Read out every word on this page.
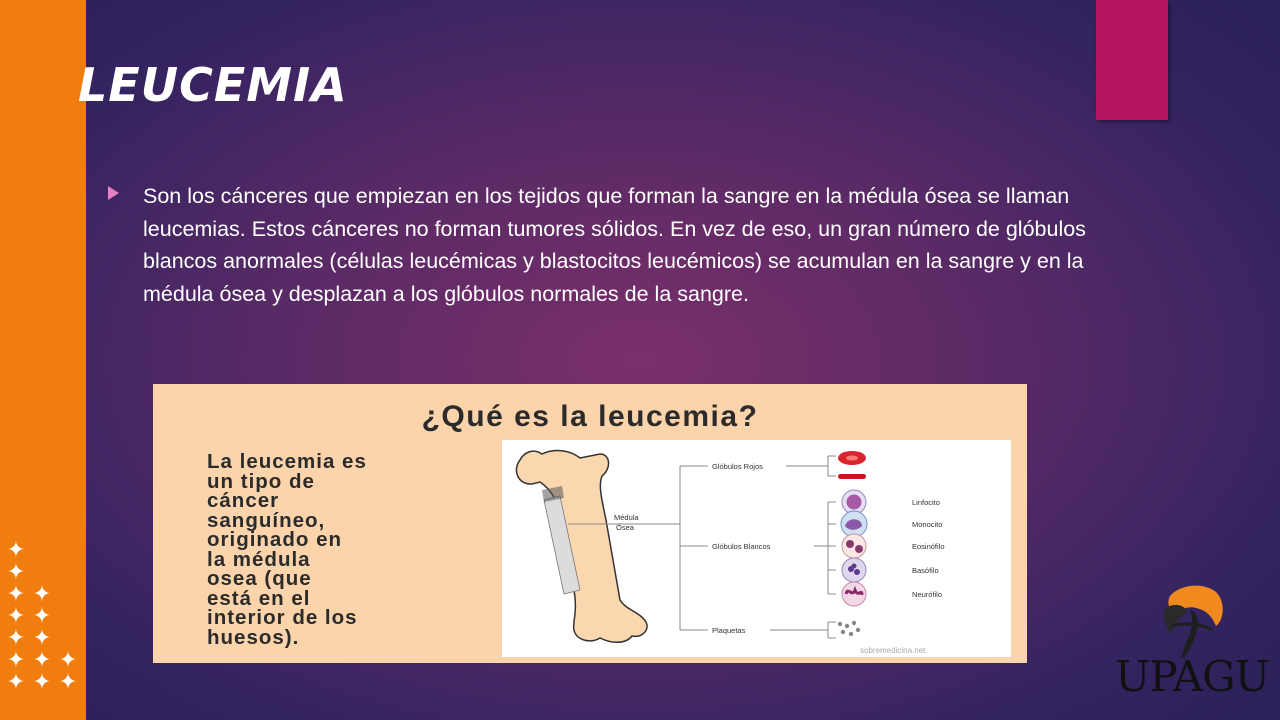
✦
✦
✦ ✦
✦ ✦
✦ ✦
✦ ✦ ✦
✦ ✦ ✦
LEUCEMIA

Son los cánceres que empiezan en los tejidos que forman la sangre en la médula ósea se llaman leucemias. Estos cánceres no forman tumores sólidos. En vez de eso, un gran número de glóbulos blancos anormales (células leucémicas y blastocitos leucémicos) se acumulan en la sangre y en la médula ósea y desplazan a los glóbulos normales de la sangre.

¿Qué es la leucemia?

La leucemia es
un tipo de
cáncer
sanguíneo,
originado en
la médula
osea (que
está en el
interior de los
huesos).

Médula
Ósea
Glóbulos Rojos
Glóbulos Blancos
Plaquetas
Linfocito
Monocito
Eosinófilo
Basófilo
Neurófilo
sobremedicina.net
UPAGU
